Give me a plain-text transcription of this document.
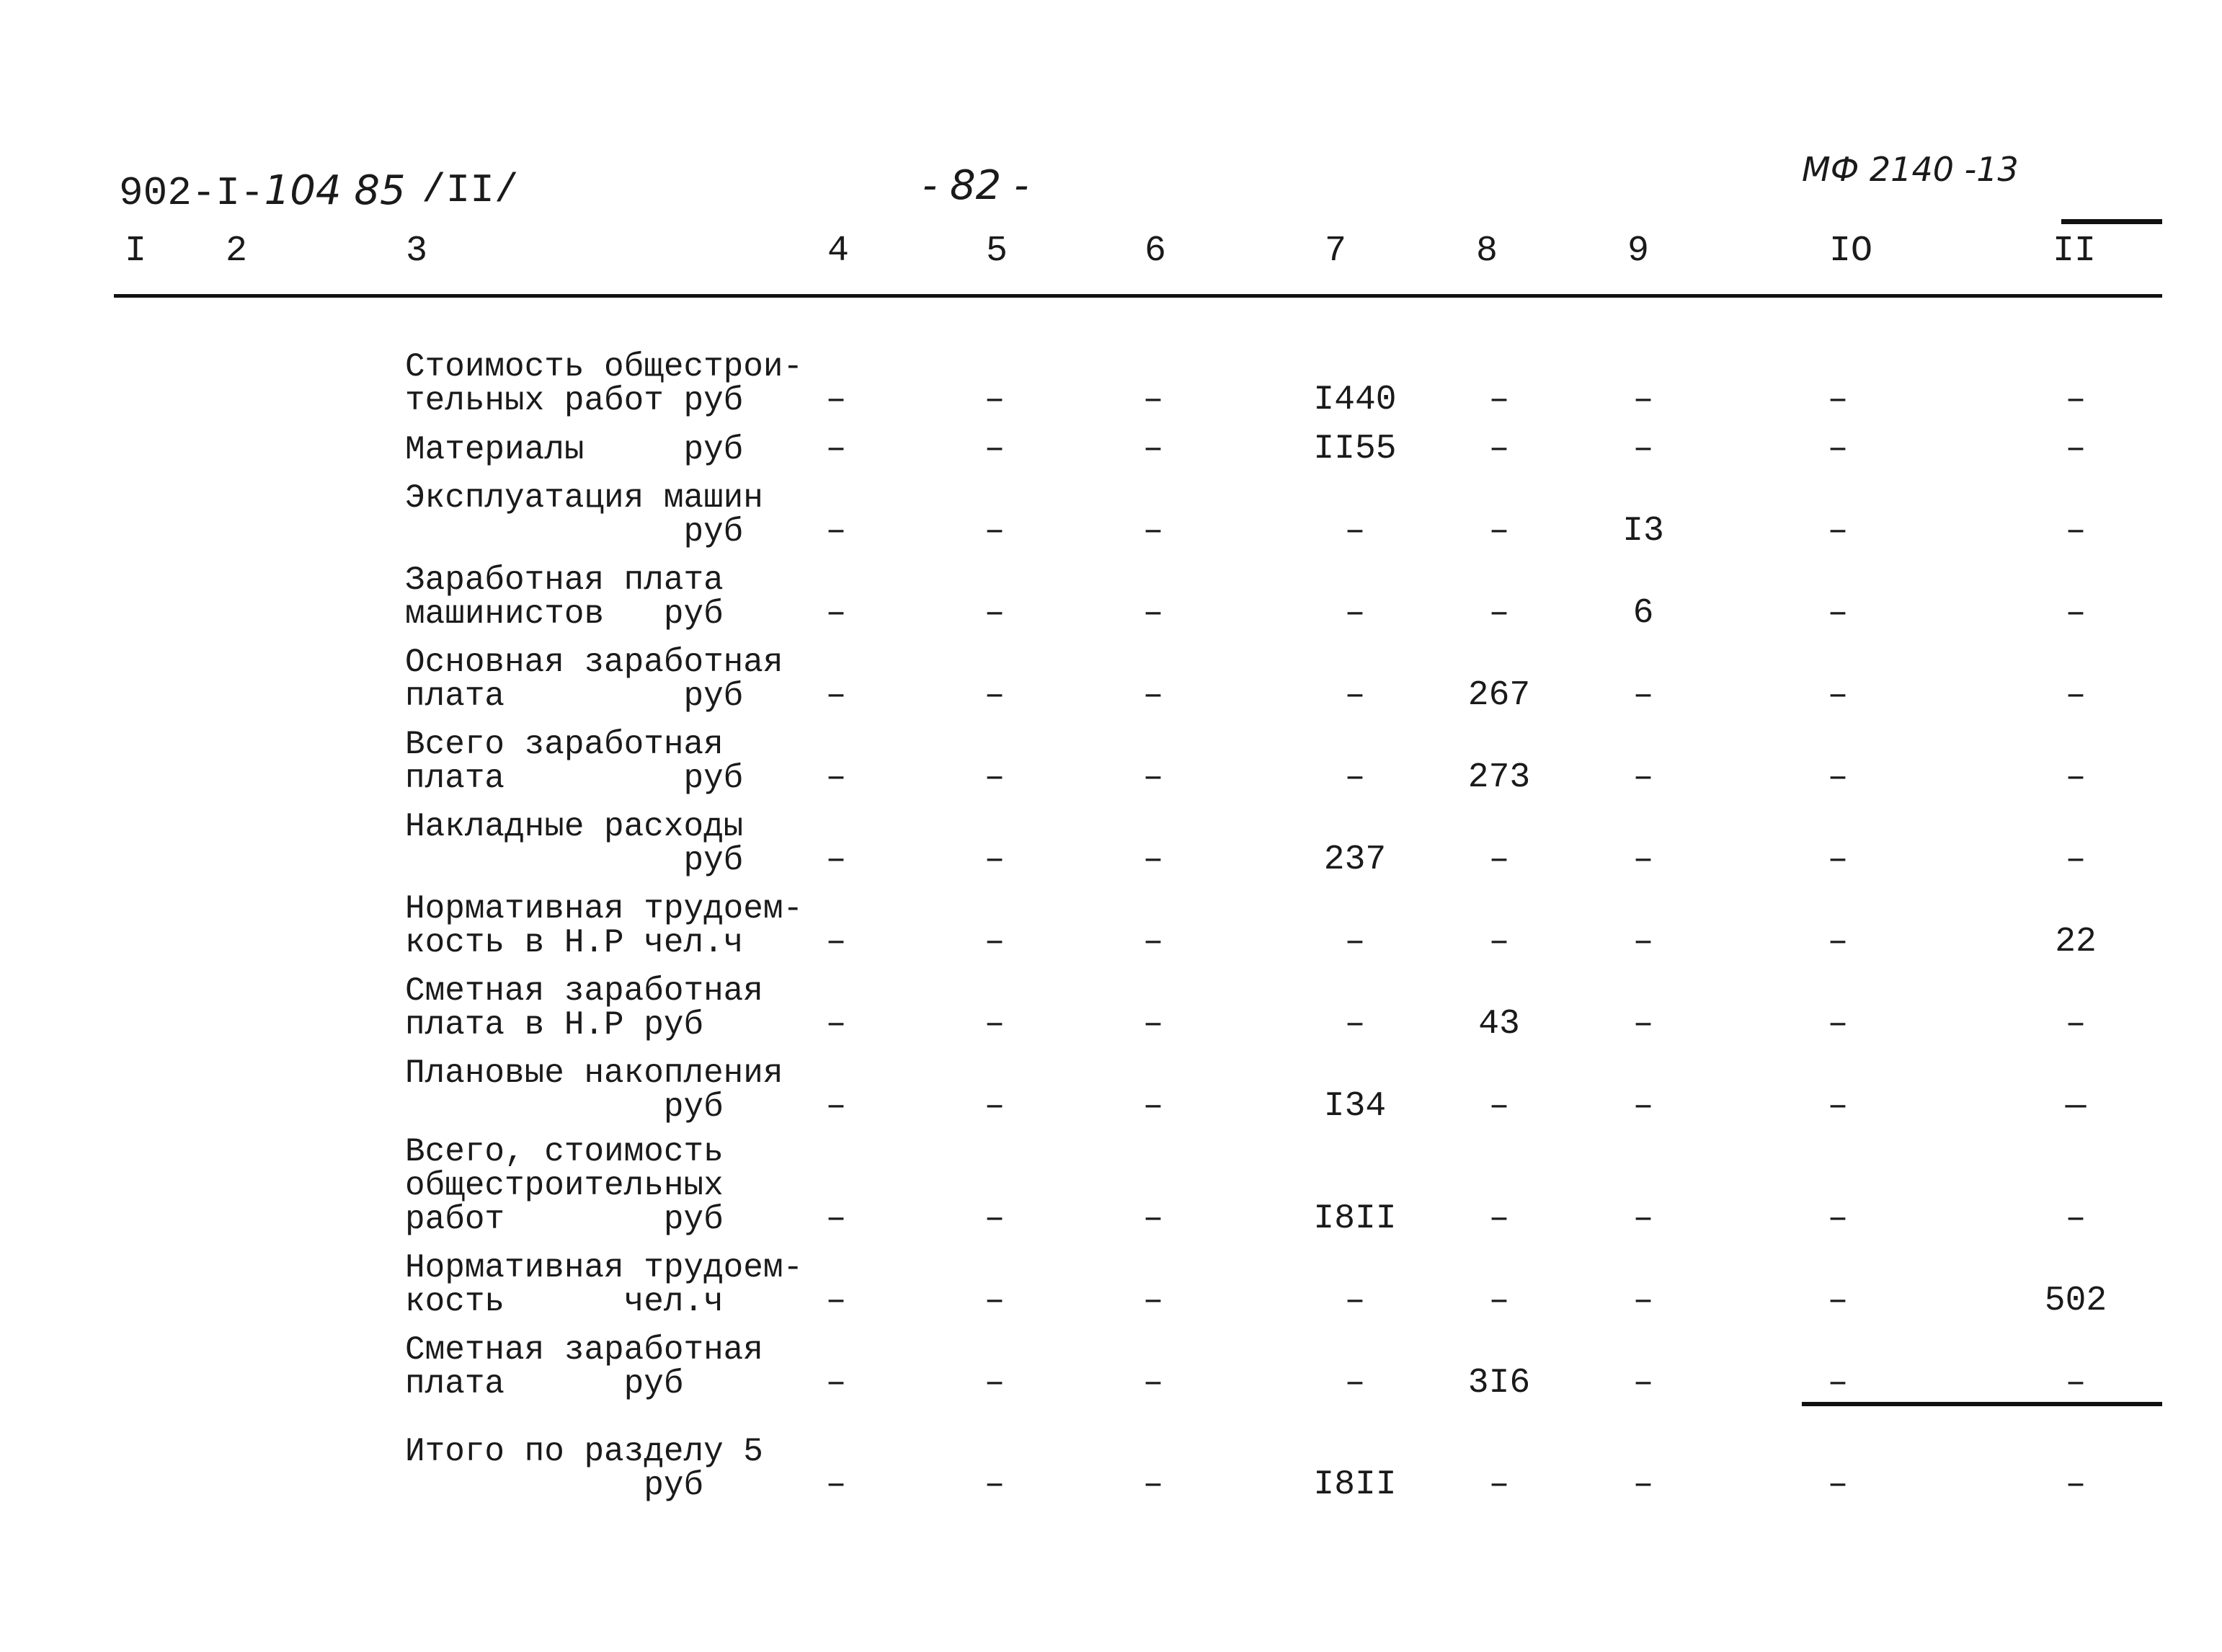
902-I-104 85 /II/	- 82 -	МФ 2140 -13
I 2	3	4	5	6	7	8	9	IO	II
Стоимость общестрои-
тельных работ руб	–	–	–	I440	–	–	–	–
Материалы     руб	–	–	–	II55	–	–	–	–
Эксплуатация машин
руб	–	–	–	–	–	I3	–	–
Заработная плата
машинистов   руб	–	–	–	–	–	6	–	–
Основная заработная
плата         руб	–	–	–	–	267	–	–	–
Всего заработная
плата         руб	–	–	–	–	273	–	–	–
Накладные расходы
руб	–	–	–	237	–	–	–	–
Нормативная трудоем-
кость в Н.Р чел.ч	–	–	–	–	–	–	–	22
Сметная заработная
плата в Н.Р руб	–	–	–	–	43	–	–	–
Плановые накопления
руб	–	–	–	I34	–	–	–	—
Всего, стоимость
общестроительных
работ        руб	–	–	–	I8II	–	–	–	–
Нормативная трудоем-
кость      чел.ч	–	–	–	–	–	–	–	502
Сметная заработная
плата      руб	–	–	–	–	3I6	–	–	–
Итого по разделу 5
руб	–	–	–	I8II	–	–	–	–
